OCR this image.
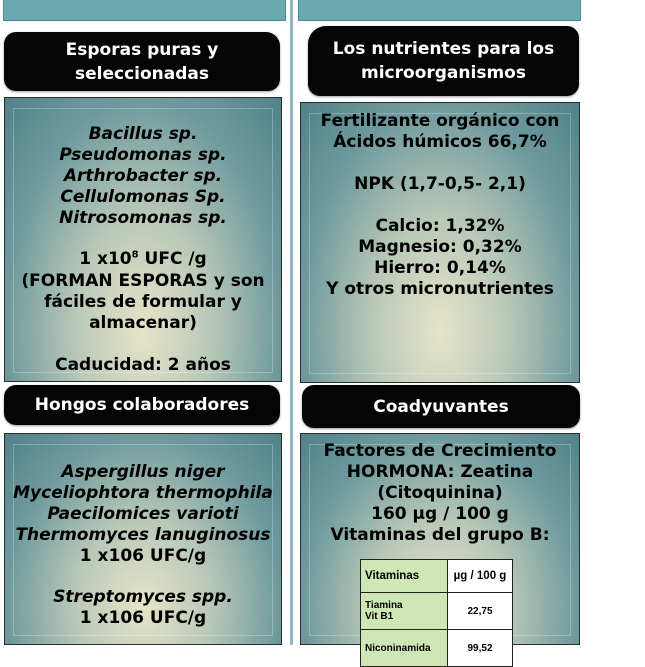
Esporas puras y
seleccionadas
Los nutrientes para los
microorganismos
Hongos colaboradores	Coadyuvantes
Bacillus sp.
Pseudomonas sp.
Arthrobacter sp.
Cellulomonas Sp.
Nitrosomonas sp.
1 $x10^8$ UFC /g
(FORMAN ESPORAS y son
fáciles de formular y
almacenar)
Caducidad: 2 años
Fertilizante orgánico con
Ácidos húmicos 66,7%
NPK (1,7-0,5- 2,1)
Calcio: 1,32%
Magnesio: 0,32%
Hierro: 0,14%
Y otros micronutrientes
Aspergillus niger
Myceliophtora thermophila
Paecilomices varioti
Thermomyces lanuginosus
1 x106 UFC/g
Streptomyces spp.
1 x106 UFC/g
Factores de Crecimiento
HORMONA: Zeatina
(Citoquinina)
160 µg / 100 g
Vitaminas del grupo B:
Vitaminas	µg / 100 g
Tiamina
Vit B1	22,75
Niconinamida	99,52
